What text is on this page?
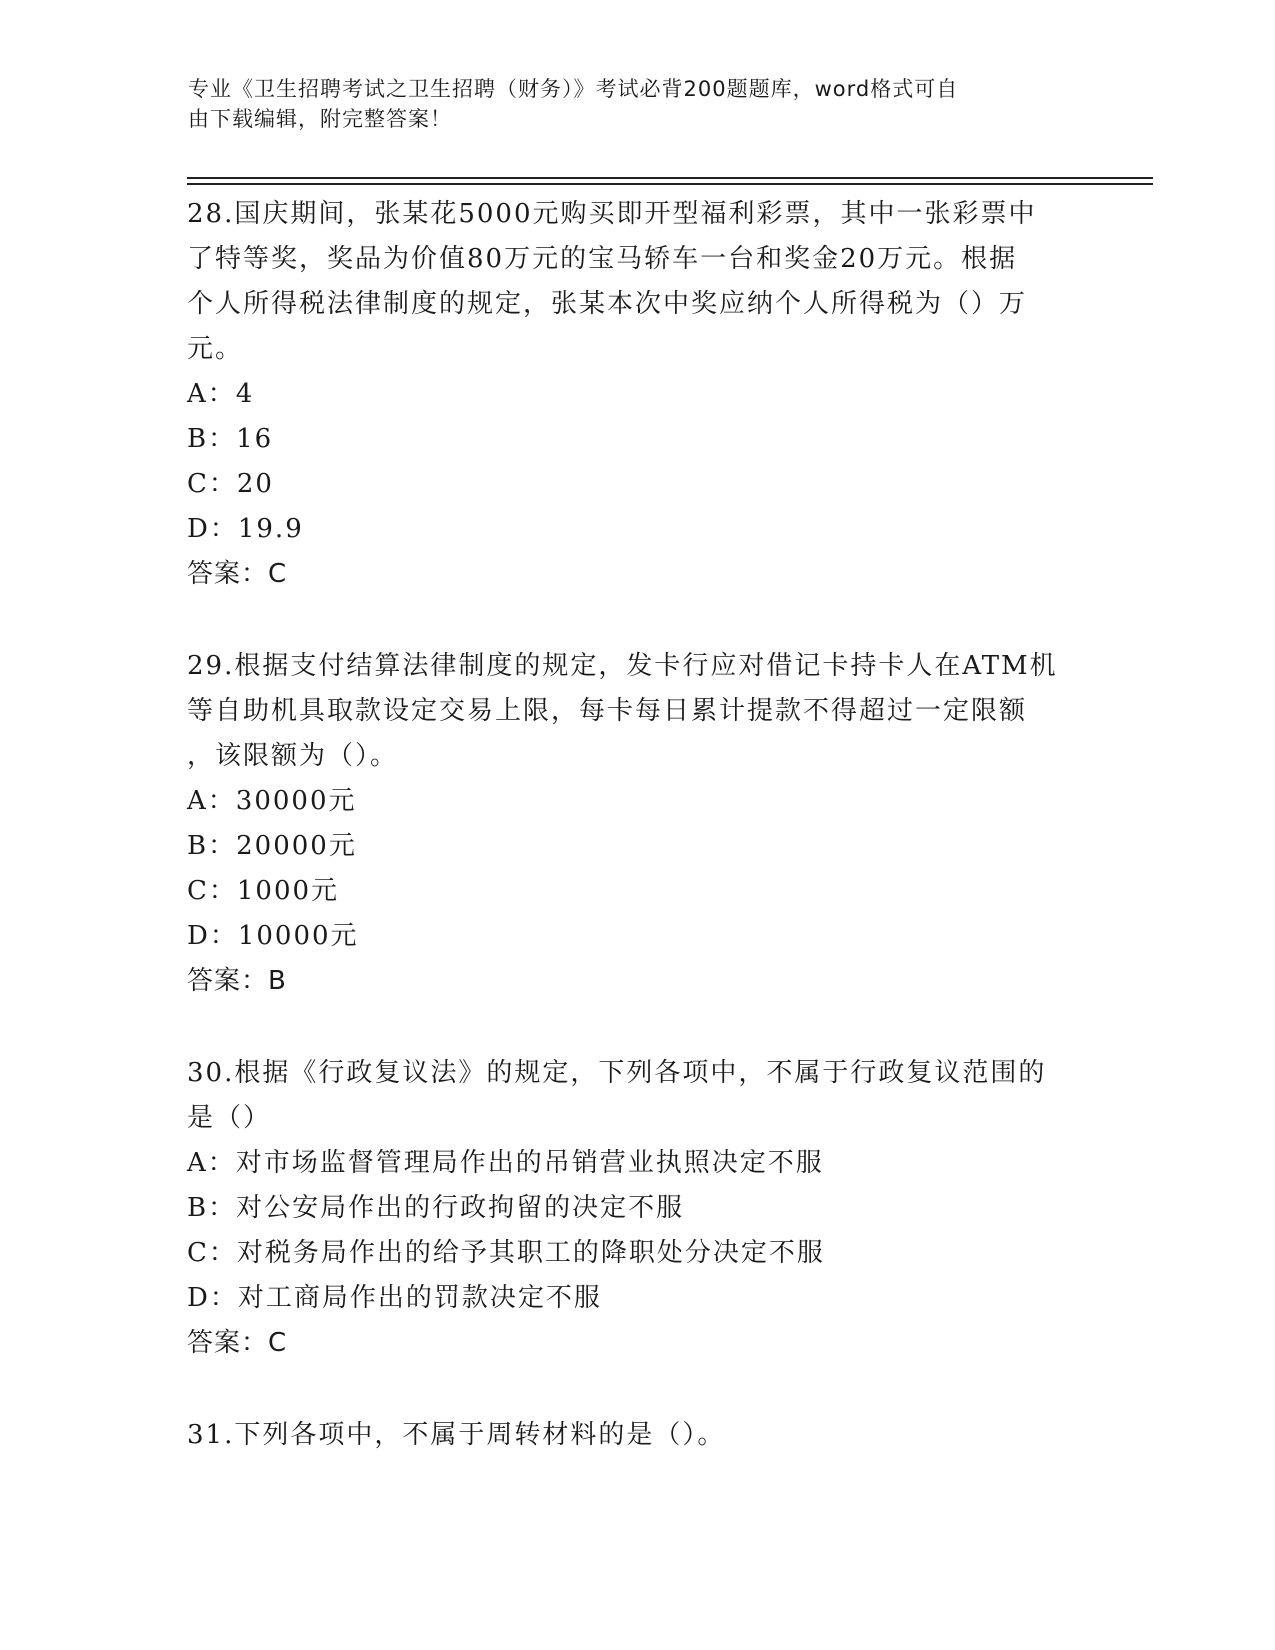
专业《卫生招聘考试之卫生招聘（财务）》考试必背200题题库，word格式可自
由下载编辑，附完整答案！
28.国庆期间，张某花5000元购买即开型福利彩票，其中一张彩票中
了特等奖，奖品为价值80万元的宝马轿车一台和奖金20万元。根据
个人所得税法律制度的规定，张某本次中奖应纳个人所得税为（）万
元。
A：4
B：16
C：20
D：19.9
答案：C
29.根据支付结算法律制度的规定，发卡行应对借记卡持卡人在ATM机
等自助机具取款设定交易上限，每卡每日累计提款不得超过一定限额
，该限额为（）。
A：30000元
B：20000元
C：1000元
D：10000元
答案：B
30.根据《行政复议法》的规定，下列各项中，不属于行政复议范围的
是（）
A：对市场监督管理局作出的吊销营业执照决定不服
B：对公安局作出的行政拘留的决定不服
C：对税务局作出的给予其职工的降职处分决定不服
D：对工商局作出的罚款决定不服
答案：C
31.下列各项中，不属于周转材料的是（）。
